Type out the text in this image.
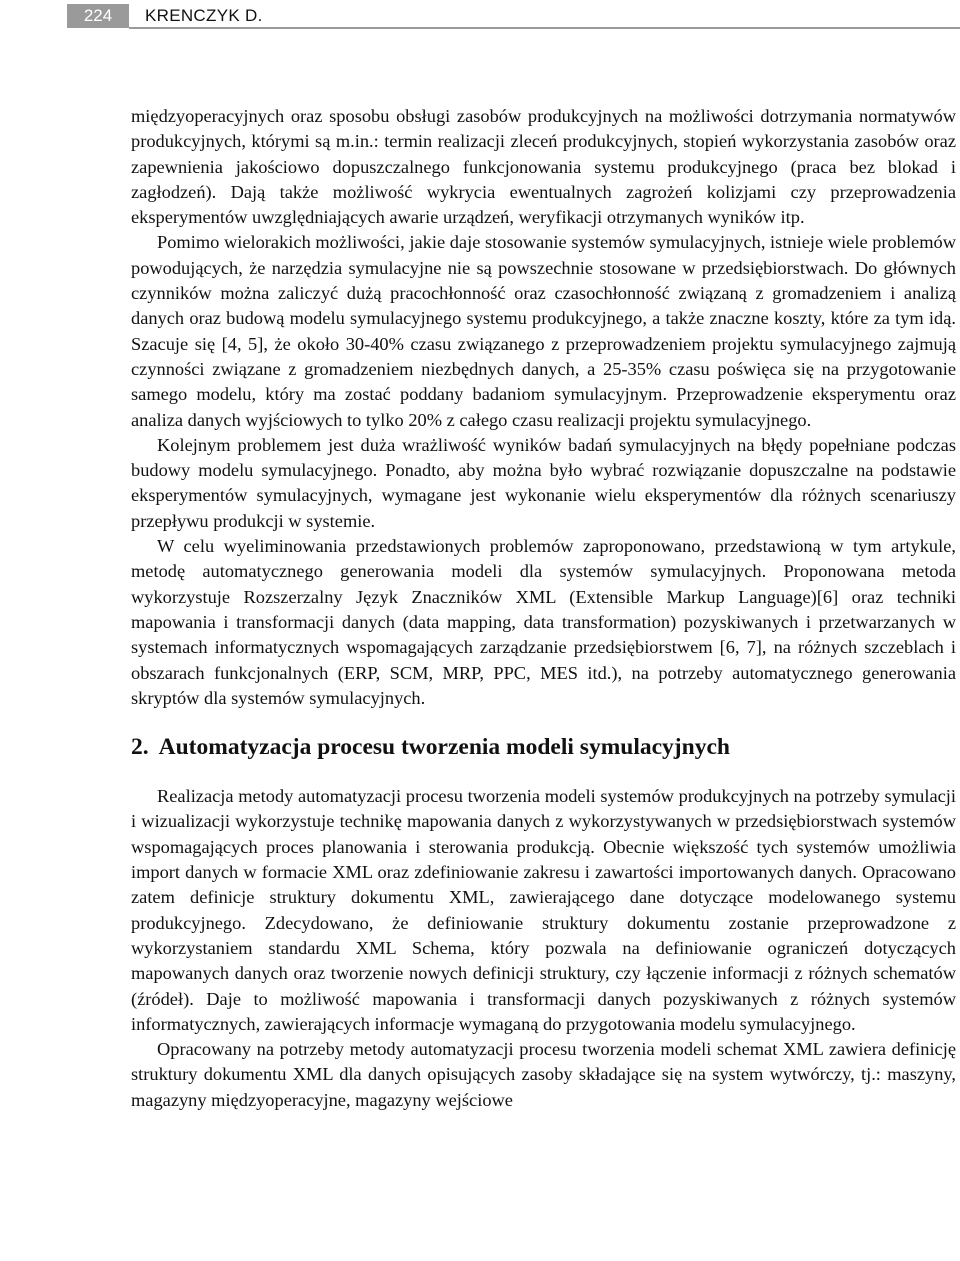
224	KRENCZYK D.

międzyoperacyjnych oraz sposobu obsługi zasobów produkcyjnych na możliwości dotrzymania normatywów produkcyjnych, którymi są m.in.: termin realizacji zleceń produkcyjnych, stopień wykorzystania zasobów oraz zapewnienia jakościowo dopuszczalnego funkcjonowania systemu produkcyjnego (praca bez blokad i zagłodzeń). Dają także możliwość wykrycia ewentualnych zagrożeń kolizjami czy przeprowadzenia eksperymentów uwzględniających awarie urządzeń, weryfikacji otrzymanych wyników itp.

Pomimo wielorakich możliwości, jakie daje stosowanie systemów symulacyjnych, istnieje wiele problemów powodujących, że narzędzia symulacyjne nie są powszechnie stosowane w przedsiębiorstwach. Do głównych czynników można zaliczyć dużą pracochłonność oraz czasochłonność związaną z gromadzeniem i analizą danych oraz budową modelu symulacyjnego systemu produkcyjnego, a także znaczne koszty, które za tym idą. Szacuje się [4, 5], że około 30-40% czasu związanego z przeprowadzeniem projektu symulacyjnego zajmują czynności związane z gromadzeniem niezbędnych danych, a 25-35% czasu poświęca się na przygotowanie samego modelu, który ma zostać poddany badaniom symulacyjnym. Przeprowadzenie eksperymentu oraz analiza danych wyjściowych to tylko 20% z całego czasu realizacji projektu symulacyjnego.

Kolejnym problemem jest duża wrażliwość wyników badań symulacyjnych na błędy popełniane podczas budowy modelu symulacyjnego. Ponadto, aby można było wybrać rozwiązanie dopuszczalne na podstawie eksperymentów symulacyjnych, wymagane jest wykonanie wielu eksperymentów dla różnych scenariuszy przepływu produkcji w systemie.

W celu wyeliminowania przedstawionych problemów zaproponowano, przedstawioną w tym artykule, metodę automatycznego generowania modeli dla systemów symulacyjnych. Proponowana metoda wykorzystuje Rozszerzalny Język Znaczników XML (Extensible Markup Language)[6] oraz techniki mapowania i transformacji danych (data mapping, data transformation) pozyskiwanych i przetwarzanych w systemach informatycznych wspomagających zarządzanie przedsiębiorstwem [6, 7], na różnych szczeblach i obszarach funkcjonalnych (ERP, SCM, MRP, PPC, MES itd.), na potrzeby automatycznego generowania skryptów dla systemów symulacyjnych.

2. Automatyzacja procesu tworzenia modeli symulacyjnych

Realizacja metody automatyzacji procesu tworzenia modeli systemów produkcyjnych na potrzeby symulacji i wizualizacji wykorzystuje technikę mapowania danych z wykorzystywanych w przedsiębiorstwach systemów wspomagających proces planowania i sterowania produkcją. Obecnie większość tych systemów umożliwia import danych w formacie XML oraz zdefiniowanie zakresu i zawartości importowanych danych. Opracowano zatem definicje struktury dokumentu XML, zawierającego dane dotyczące modelowanego systemu produkcyjnego. Zdecydowano, że definiowanie struktury dokumentu zostanie przeprowadzone z wykorzystaniem standardu XML Schema, który pozwala na definiowanie ograniczeń dotyczących mapowanych danych oraz tworzenie nowych definicji struktury, czy łączenie informacji z różnych schematów (źródeł). Daje to możliwość mapowania i transformacji danych pozyskiwanych z różnych systemów informatycznych, zawierających informacje wymaganą do przygotowania modelu symulacyjnego.

Opracowany na potrzeby metody automatyzacji procesu tworzenia modeli schemat XML zawiera definicję struktury dokumentu XML dla danych opisujących zasoby składające się na system wytwórczy, tj.: maszyny, magazyny międzyoperacyjne, magazyny wejściowe
